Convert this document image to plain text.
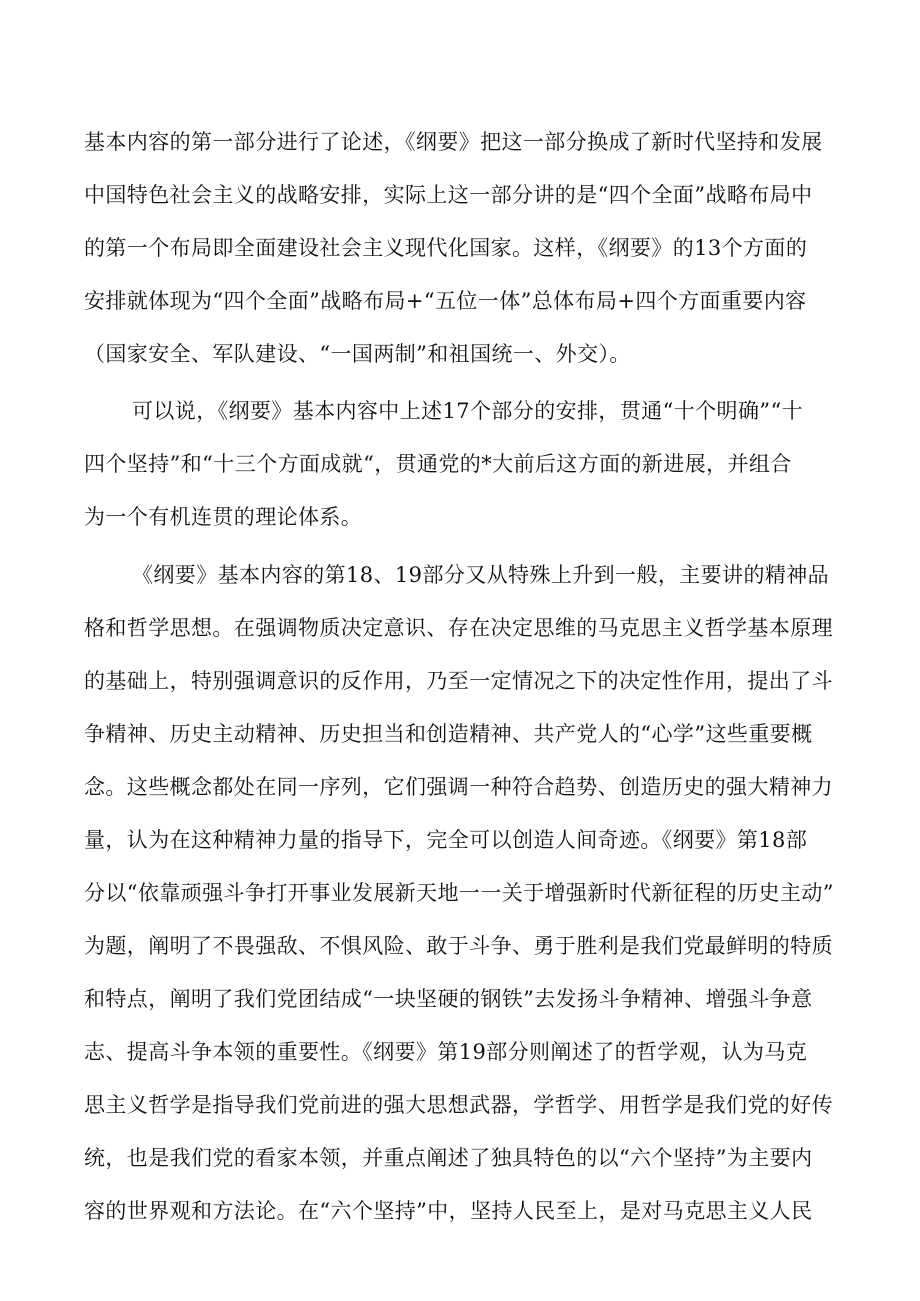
基本内容的第一部分进行了论述，《纲要》把这一部分换成了新时代坚持和发展
中国特色社会主义的战略安排，实际上这一部分讲的是“四个全面”战略布局中
的第一个布局即全面建设社会主义现代化国家。这样，《纲要》的13个方面的
安排就体现为“四个全面”战略布局+“五位一体”总体布局+四个方面重要内容
（国家安全、军队建设、“一国两制”和祖国统一、外交）。
可以说，《纲要》基本内容中上述17个部分的安排，贯通“十个明确”“十
四个坚持”和“十三个方面成就“，贯通党的*大前后这方面的新进展，并组合
为一个有机连贯的理论体系。
《纲要》基本内容的第18、19部分又从特殊上升到一般，主要讲的精神品
格和哲学思想。在强调物质决定意识、存在决定思维的马克思主义哲学基本原理
的基础上，特别强调意识的反作用，乃至一定情况之下的决定性作用，提出了斗
争精神、历史主动精神、历史担当和创造精神、共产党人的“心学”这些重要概
念。这些概念都处在同一序列，它们强调一种符合趋势、创造历史的强大精神力
量，认为在这种精神力量的指导下，完全可以创造人间奇迹。《纲要》第18部
分以“依靠顽强斗争打开事业发展新天地一一关于增强新时代新征程的历史主动”
为题，阐明了不畏强敌、不惧风险、敢于斗争、勇于胜利是我们党最鲜明的特质
和特点，阐明了我们党团结成“一块坚硬的钢铁”去发扬斗争精神、增强斗争意
志、提高斗争本领的重要性。《纲要》第19部分则阐述了的哲学观，认为马克
思主义哲学是指导我们党前进的强大思想武器，学哲学、用哲学是我们党的好传
统，也是我们党的看家本领，并重点阐述了独具特色的以“六个坚持”为主要内
容的世界观和方法论。在“六个坚持”中，坚持人民至上，是对马克思主义人民
